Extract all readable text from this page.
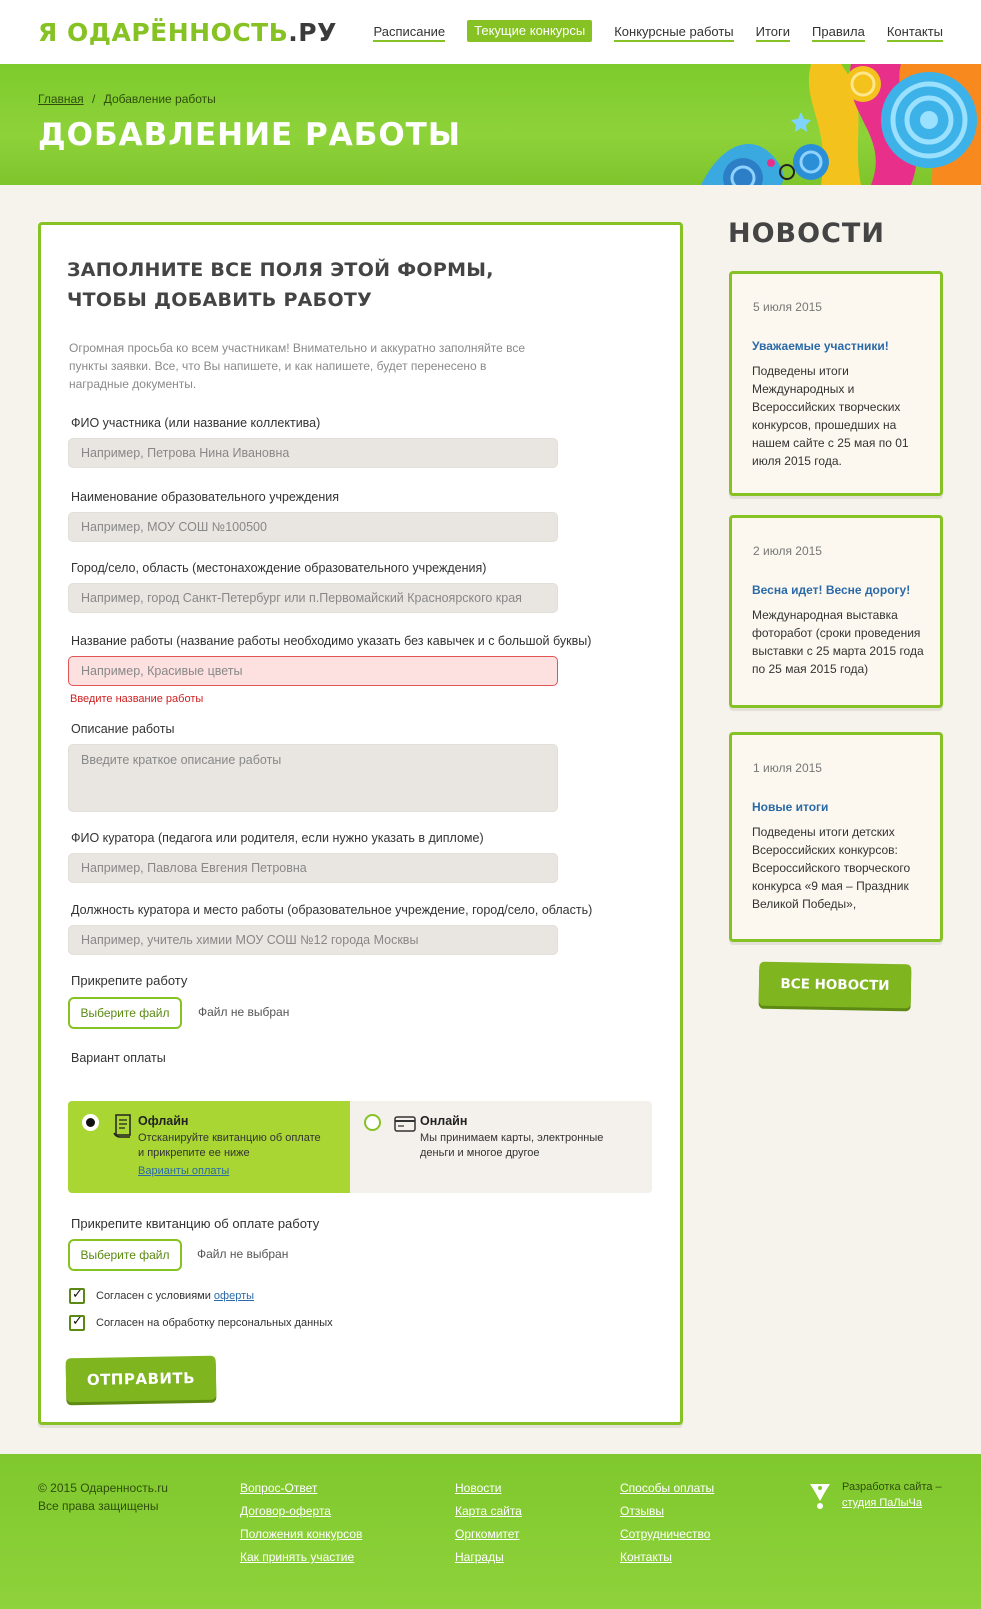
Я ОДАРЁННОСТЬ.РУ	Расписание	Текущие конкурсы	Конкурсные работы Итоги Правила Контакты
Главная / Добавление работы
ДОБАВЛЕНИЕ РАБОТЫ
ЗАПОЛНИТЕ ВСЕ ПОЛЯ ЭТОЙ ФОРМЫ, ЧТОБЫ ДОБАВИТЬ РАБОТУ
Огромная просьба ко всем участникам! Внимательно и аккуратно заполняйте все пункты заявки. Все, что Вы напишете, и как напишете, будет перенесено в наградные документы.
ФИО участника (или название коллектива)
Например, Петрова Нина Ивановна
Наименование образовательного учреждения
Например, МОУ СОШ №100500
Город/село, область (местонахождение образовательного учреждения)
Например, город Санкт-Петербург или п.Первомайский Красноярского края
Название работы (название работы необходимо указать без кавычек и с большой буквы)
Например, Красивые цветы
Введите название работы
Описание работы
Введите краткое описание работы
ФИО куратора (педагога или родителя, если нужно указать в дипломе)
Например, Павлова Евгения Петровна
Должность куратора и место работы (образовательное учреждение, город/село, область)
Например, учитель химии МОУ СОШ №12 города Москвы
Прикрепите работу
Выберите файл	Файл не выбран
Вариант оплаты
Офлайн
Отсканируйте квитанцию об оплате и прикрепите ее ниже
Варианты оплаты
Онлайн
Мы принимаем карты, электронные деньги и многое другое
Прикрепите квитанцию об оплате работу
Выберите файл	Файл не выбран
✓
Согласен с условиями оферты
✓
Согласен на обработку персональных данных
ОТПРАВИТЬ
НОВОСТИ
5 июля 2015
Уважаемые участники!
Подведены итоги Международных и Всероссийских творческих конкурсов, прошедших на нашем сайте с 25 мая по 01 июля 2015 года.
2 июля 2015
Весна идет! Весне дорогу!
Международная выставка фоторабот (сроки проведения выставки с 25 марта 2015 года по 25 мая 2015 года)
1 июля 2015
Новые итоги
Подведены итоги детских Всероссийских конкурсов: Всероссийского творческого конкурса «9 мая – Праздник Великой Победы»,
ВСЕ НОВОСТИ
© 2015 Одаренность.ru
Все права защищены
Вопрос-Ответ
Договор-оферта
Положения конкурсов
Как принять участие
Новости
Карта сайта
Оргкомитет
Награды
Способы оплаты
Отзывы
Сотрудничество
Контакты
Разработка сайта –
студия ПаЛыЧа
